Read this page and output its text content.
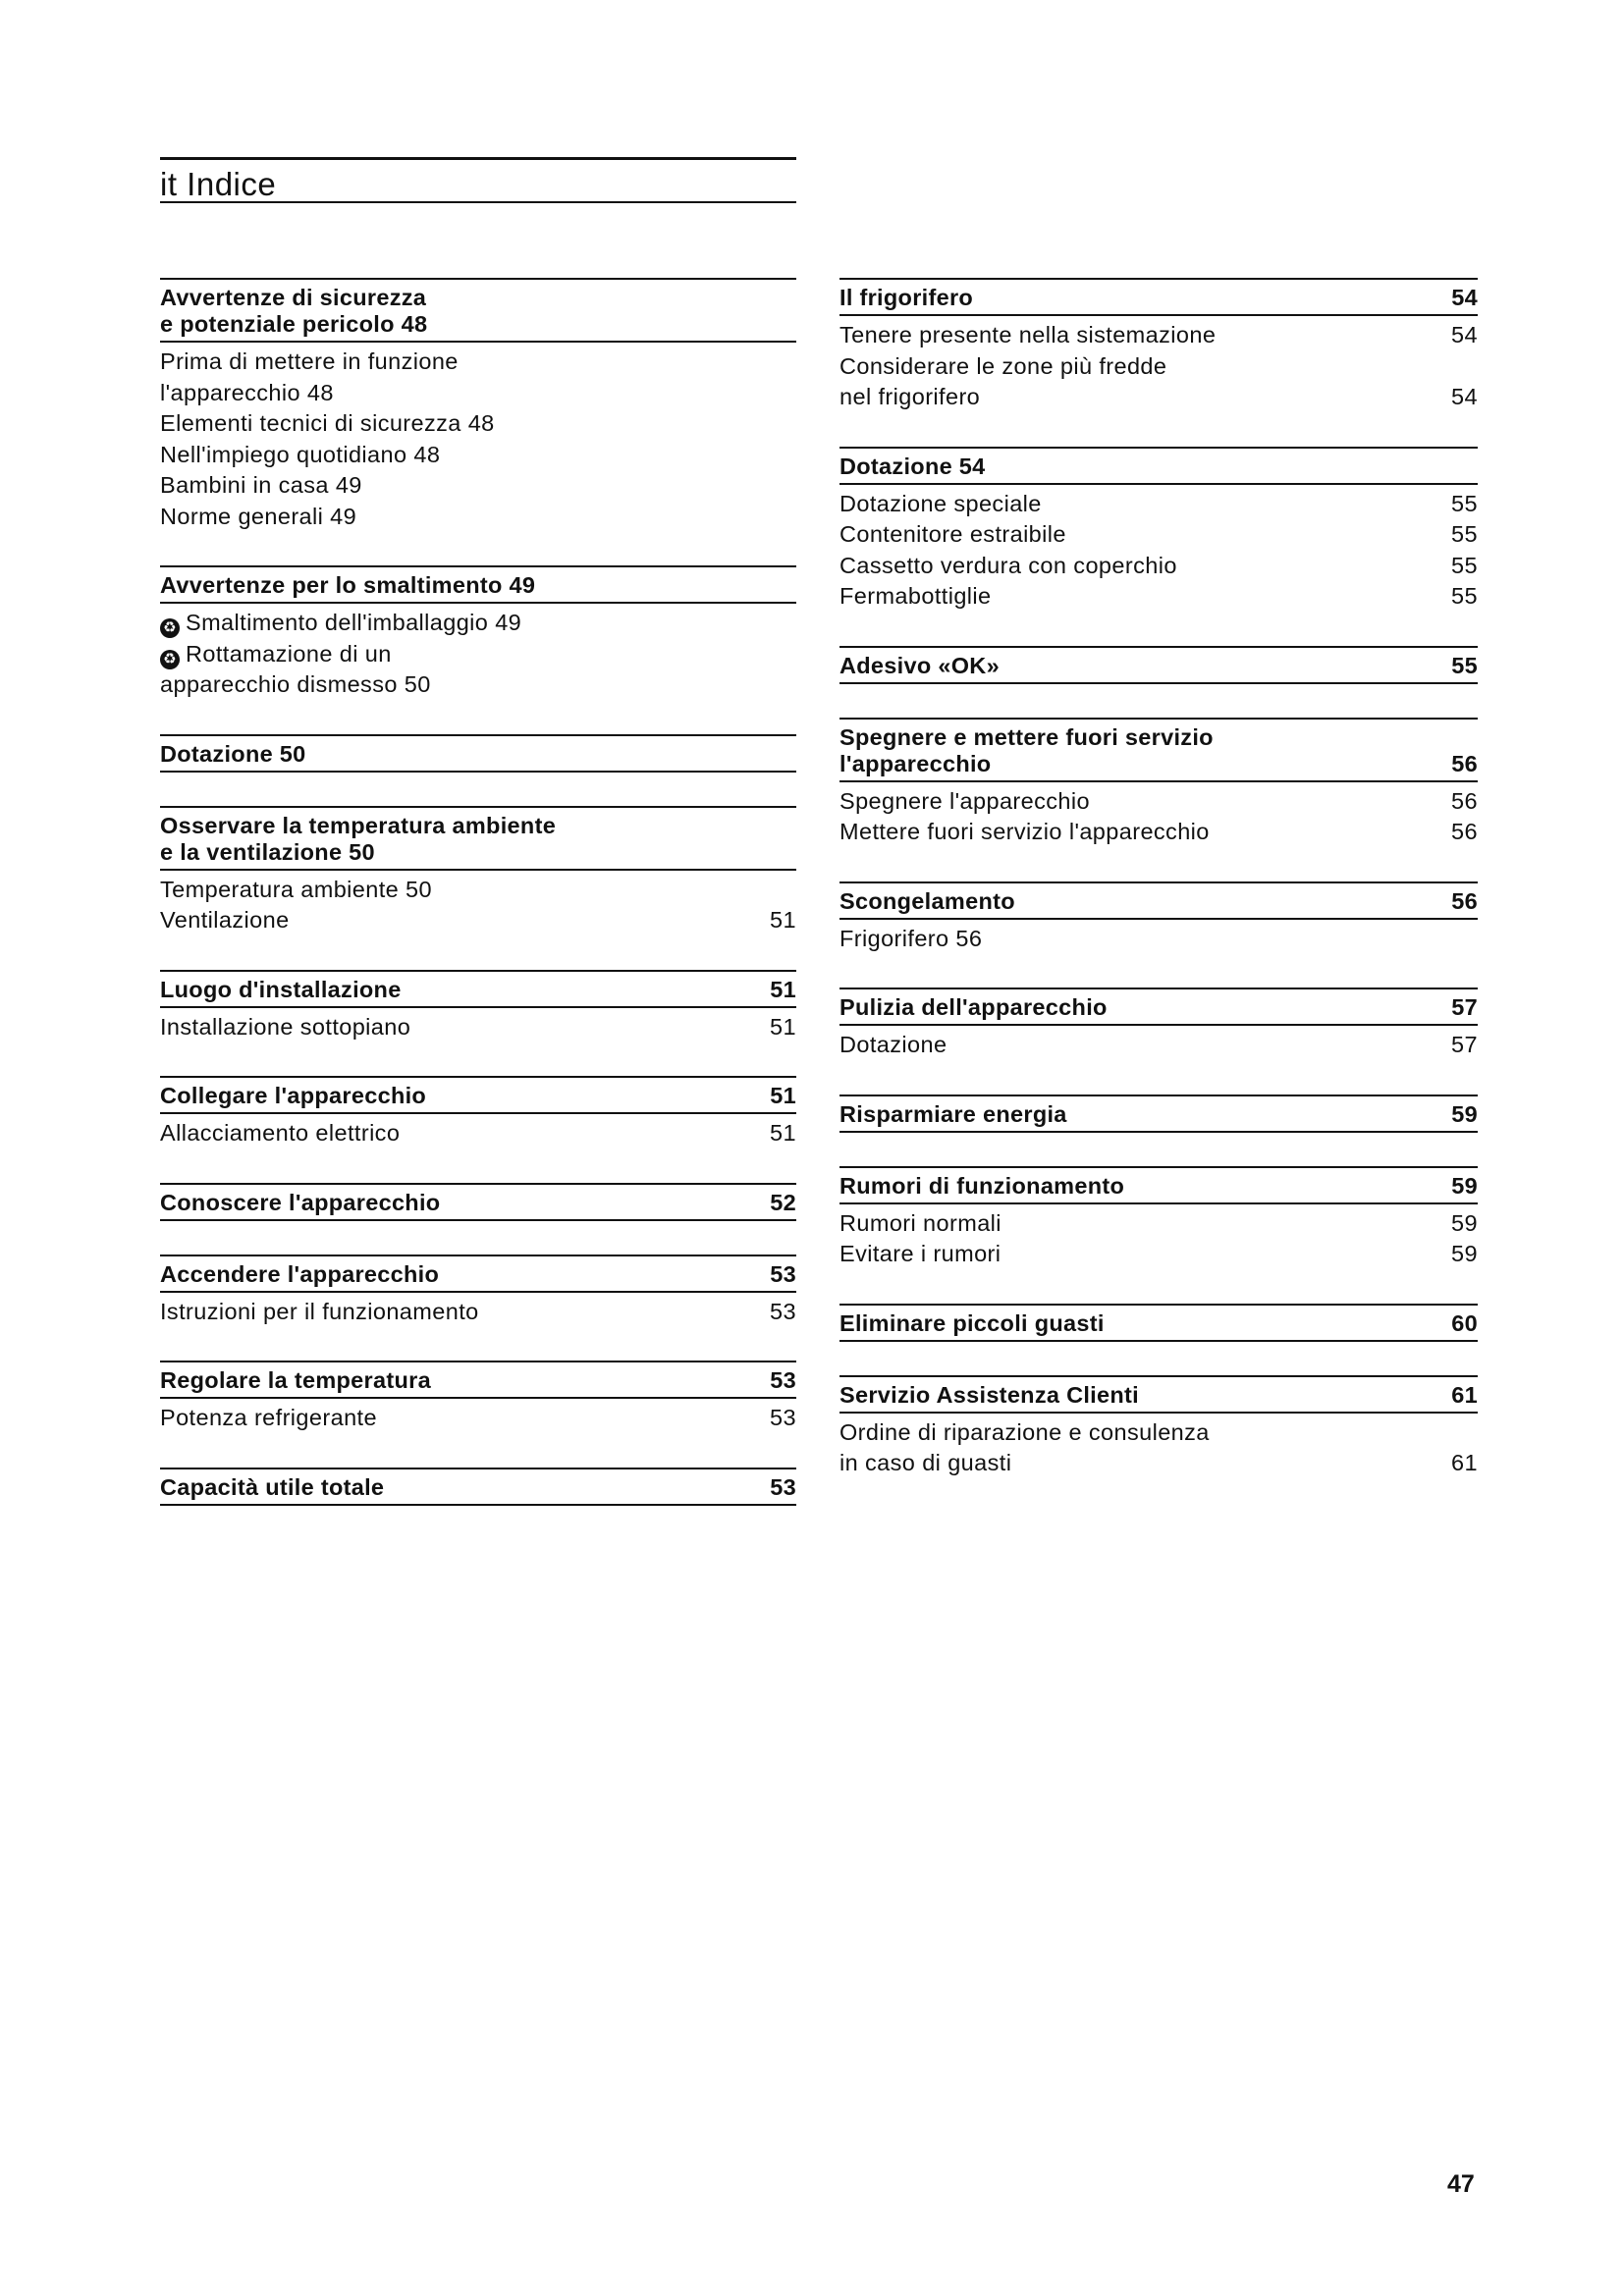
it Indice
Avvertenze di sicurezza
e potenziale pericolo 48
Prima di mettere in funzione
l'apparecchio 48
Elementi tecnici di sicurezza 48
Nell'impiego quotidiano 48
Bambini in casa 49
Norme generali 49
Avvertenze per lo smaltimento 49
♻ Smaltimento dell'imballaggio 49
♻ Rottamazione di un
apparecchio dismesso 50
Dotazione 50
Osservare la temperatura ambiente
e la ventilazione 50
Temperatura ambiente 50
Ventilazione	51
Luogo d'installazione	51
Installazione sottopiano	51
Collegare l'apparecchio	51
Allacciamento elettrico	51
Conoscere l'apparecchio	52
Accendere l'apparecchio	53
Istruzioni per il funzionamento	53
Regolare la temperatura	53
Potenza refrigerante	53
Capacità utile totale	53
Il frigorifero	54
Tenere presente nella sistemazione	54
Considerare le zone più fredde
nel frigorifero	54
Dotazione 54
Dotazione speciale	55
Contenitore estraibile	55
Cassetto verdura con coperchio	55
Fermabottiglie	55
Adesivo «OK»	55
Spegnere e mettere fuori servizio
l'apparecchio	56
Spegnere l'apparecchio	56
Mettere fuori servizio l'apparecchio	56
Scongelamento	56
Frigorifero 56
Pulizia dell'apparecchio	57
Dotazione	57
Risparmiare energia	59
Rumori di funzionamento	59
Rumori normali	59
Evitare i rumori	59
Eliminare piccoli guasti	60
Servizio Assistenza Clienti	61
Ordine di riparazione e consulenza
in caso di guasti	61
47
